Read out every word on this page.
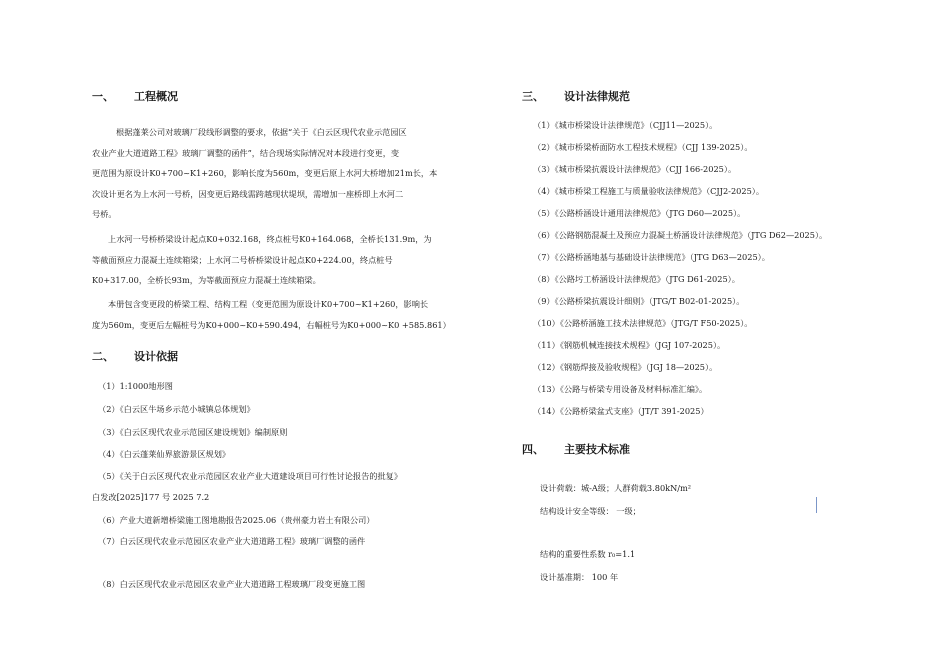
一、 工程概况
根据蓬莱公司对玻璃厂段线形调整的要求，依据“关于《白云区现代农业示范园区
农业产业大道道路工程》玻璃厂调整的函件”，结合现场实际情况对本段进行变更，变
更范围为原设计K0+700~K1+260，影响长度为560m，变更后原上水河大桥增加21m长，本
次设计更名为上水河一号桥，因变更后路线需跨越现状堤坝，需增加一座桥即上水河二
号桥。
上水河一号桥桥梁设计起点K0+032.168，终点桩号K0+164.068，全桥长131.9m，为
等截面预应力混凝土连续箱梁；上水河二号桥桥梁设计起点K0+224.00，终点桩号
K0+317.00，全桥长93m，为等截面预应力混凝土连续箱梁。
本册包含变更段的桥梁工程、结构工程（变更范围为原设计K0+700~K1+260，影响长
度为560m，变更后左幅桩号为K0+000~K0+590.494，右幅桩号为K0+000~K0 +585.861）
二、 设计依据
（1）1:1000地形图
（2）《白云区牛场乡示范小城镇总体规划》
（3）《白云区现代农业示范园区建设规划》编制原则
（4）《白云蓬莱仙界旅游景区规划》
（5）《关于白云区现代农业示范园区农业产业大道建设项目可行性讨论报告的批复》
白发改[2025]177 号 2025 7.2
（6）产业大道新增桥梁施工图地勘报告2025.06（贵州豪力岩土有限公司）
（7）白云区现代农业示范园区农业产业大道道路工程》玻璃厂调整的函件
（8）白云区现代农业示范园区农业产业大道道路工程玻璃厂段变更施工图
三、 设计法律规范
（1）《城市桥梁设计法律规范》（CJJ11—2025）。
（2）《城市桥梁桥面防水工程技术规程》（CJJ 139-2025）。
（3）《城市桥梁抗震设计法律规范》（CJJ 166-2025）。
（4）《城市桥梁工程施工与质量验收法律规范》（CJJ2-2025）。
（5）《公路桥涵设计通用法律规范》（JTG D60—2025）。
（6）《公路钢筋混凝土及预应力混凝土桥涵设计法律规范》（JTG D62—2025）。
（7）《公路桥涵地基与基础设计法律规范》（JTG D63—2025）。
（8）《公路圬工桥涵设计法律规范》（JTG D61-2025）。
（9）《公路桥梁抗震设计细则》（JTG/T B02-01-2025）。
（10）《公路桥涵施工技术法律规范》（JTG/T F50-2025）。
（11）《钢筋机械连接技术规程》（JGJ 107-2025）。
（12）《钢筋焊接及验收规程》（JGJ 18—2025）。
（13）《公路与桥梁专用设备及材料标准汇编》。
（14）《公路桥梁盆式支座》（JT/T 391-2025）
四、 主要技术标准
设计荷载：城-A级；人群荷载3.80kN/m²
结构设计安全等级： 一级；
结构的重要性系数 r₀=1.1
设计基准期： 100 年
